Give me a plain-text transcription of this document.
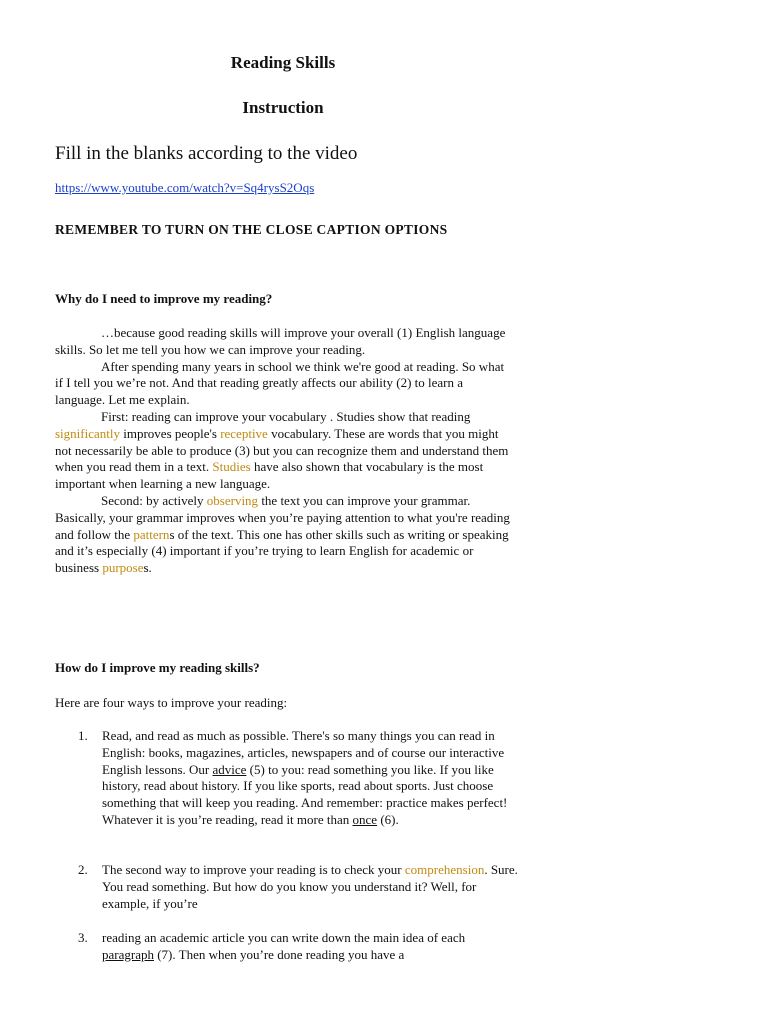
Reading Skills
Instruction
Fill in the blanks according to the video
https://www.youtube.com/watch?v=Sq4rysS2Oqs
REMEMBER TO TURN ON THE CLOSE CAPTION OPTIONS
Why do I need to improve my reading?

…because good reading skills will improve your overall (1) English language skills. So let me tell you how we can improve your reading.

After spending many years in school we think we're good at reading. So what if I tell you we’re not. And that reading greatly affects our ability (2) to learn a language. Let me explain.

First: reading can improve your vocabulary . Studies show that reading significantly improves people's receptive vocabulary. These are words that you might not necessarily be able to produce (3) but you can recognize them and understand them when you read them in a text. Studies have also shown that vocabulary is the most important when learning a new language.

Second: by actively observing the text you can improve your grammar. Basically, your grammar improves when you’re paying attention to what you're reading and follow the patterns of the text. This one has other skills such as writing or speaking and it’s especially (4) important if you’re trying to learn English for academic or business purposes.

How do I improve my reading skills?
Here are four ways to improve your reading:
1. Read, and read as much as possible. There's so many things you can read in English: books, magazines, articles, newspapers and of course our interactive English lessons. Our advice (5) to you: read something you like. If you like history, read about history. If you like sports, read about sports. Just choose something that will keep you reading. And remember: practice makes perfect! Whatever it is you’re reading, read it more than once (6).
2. The second way to improve your reading is to check your comprehension. Sure. You read something. But how do you know you understand it? Well, for example, if you’re
3. reading an academic article you can write down the main idea of each paragraph (7). Then when you’re done reading you have a
